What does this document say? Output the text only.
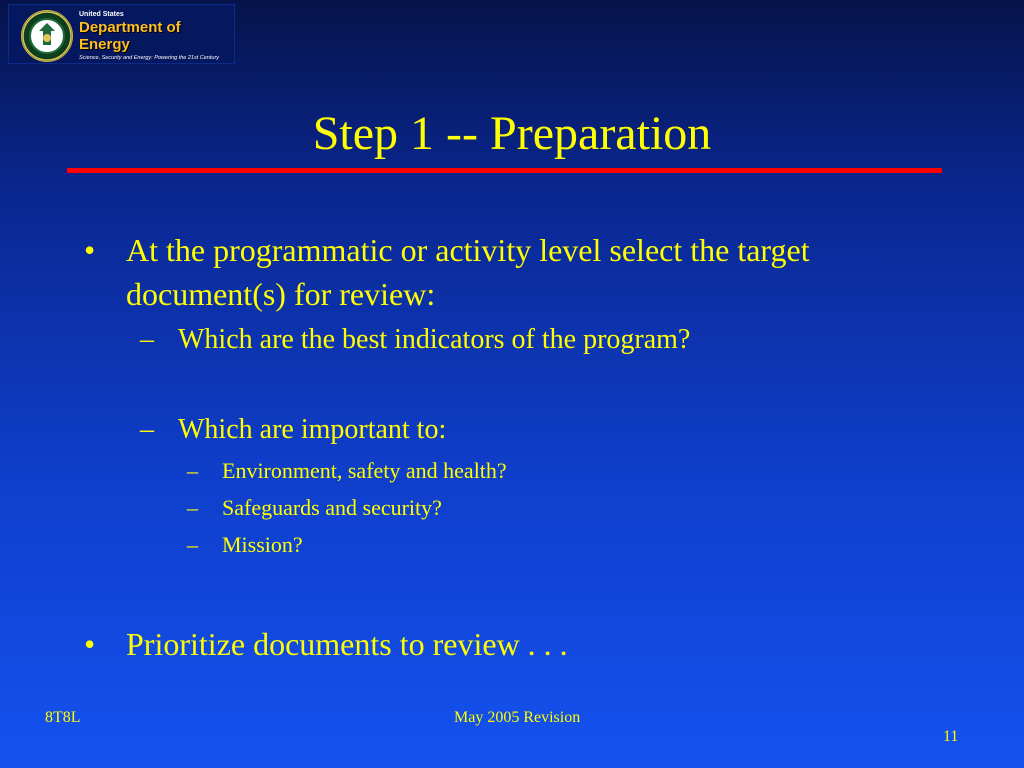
United States
Department of Energy
Science, Security and Energy: Powering the 21st Century
Step 1 -- Preparation
• At the programmatic or activity level select the target document(s) for review:
– Which are the best indicators of the program?
– Which are important to:
– Environment, safety and health?
– Safeguards and security?
– Mission?
• Prioritize documents to review . . .
8T8L	May 2005 Revision
11
